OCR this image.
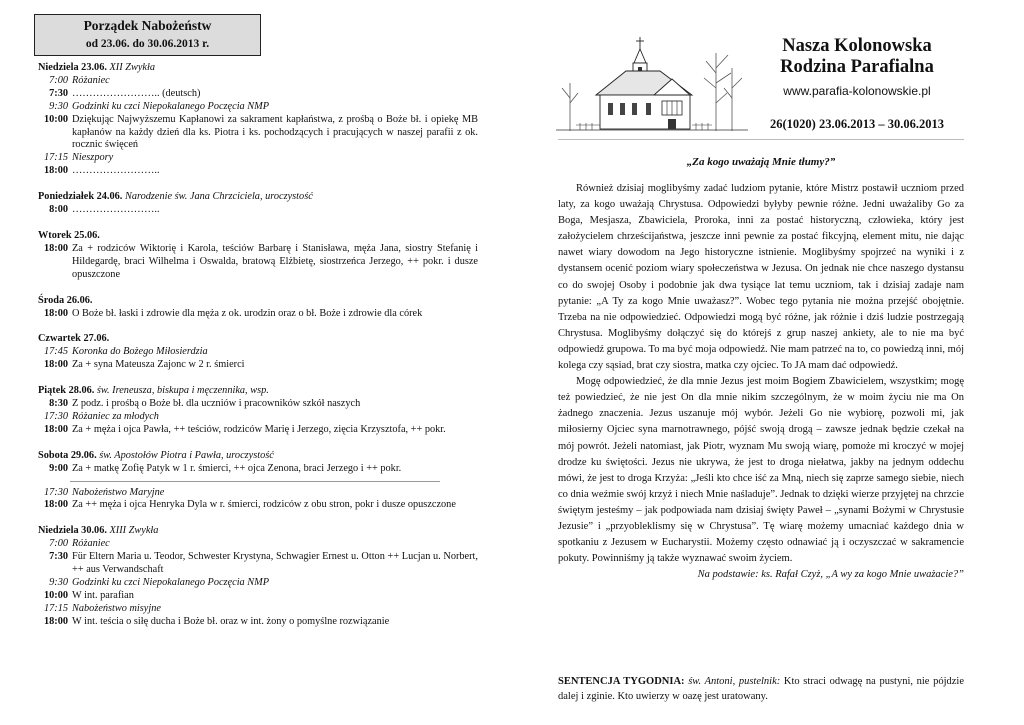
Porządek Nabożeństw
od 23.06. do 30.06.2013 r.
Niedziela 23.06. XII Zwykła
7:00 Różaniec
7:30 …………………….. (deutsch)
9:30 Godzinki ku czci Niepokalanego Poczęcia NMP
10:00 Dziękując Najwyższemu Kapłanowi za sakrament kapłaństwa, z prośbą o Boże bł. i opiekę MB kapłanów na każdy dzień dla ks. Piotra i ks. pochodzących i pracujących w naszej parafii z ok. rocznic święceń
17:15 Nieszpory
18:00 ……………………..
Poniedziałek 24.06. Narodzenie św. Jana Chrzciciela, uroczystość
8:00 ……………………..
Wtorek 25.06.
18:00 Za + rodziców Wiktorię i Karola, teściów Barbarę i Stanisława, męża Jana, siostry Stefanię i Hildegardę, braci Wilhelma i Oswalda, bratową Elżbietę, siostrzeńca Jerzego, ++ pokr. i dusze opuszczone
Środa 26.06.
18:00 O Boże bł. łaski i zdrowie dla męża z ok. urodzin oraz o bł. Boże i zdrowie dla córek
Czwartek 27.06.
17:45 Koronka do Bożego Miłosierdzia
18:00 Za + syna Mateusza Zajonc w 2 r. śmierci
Piątek 28.06. św. Ireneusza, biskupa i męczennika, wsp.
8:30 Z podz. i prośbą o Boże bł. dla uczniów i pracowników szkół naszych
17:30 Różaniec za młodych
18:00 Za + męża i ojca Pawła, ++ teściów, rodziców Marię i Jerzego, zięcia Krzysztofa, ++ pokr.
Sobota 29.06. św. Apostołów Piotra i Pawła, uroczystość
9:00 Za + matkę Zofię Patyk w 1 r. śmierci, ++ ojca Zenona, braci Jerzego i ++ pokr.
17:30 Nabożeństwo Maryjne
18:00 Za ++ męża i ojca Henryka Dyla w r. śmierci, rodziców z obu stron, pokr i dusze opuszczone
Niedziela 30.06. XIII Zwykła
7:00 Różaniec
7:30 Für Eltern Maria u. Teodor, Schwester Krystyna, Schwagier Ernest u. Otton ++ Lucjan u. Norbert, ++ aus Verwandschaft
9:30 Godzinki ku czci Niepokalanego Poczęcia NMP
10:00 W int. parafian
17:15 Nabożeństwo misyjne
18:00 W int. teścia o siłę ducha i Boże bł. oraz w int. żony o pomyślne rozwiązanie
Nasza Kolonowska
Rodzina Parafialna
www.parafia-kolonowskie.pl
26(1020) 23.06.2013 – 30.06.2013
„Za kogo uważają Mnie tłumy?”

Również dzisiaj moglibyśmy zadać ludziom pytanie, które Mistrz postawił uczniom przed laty, za kogo uważają Chrystusa. Odpowiedzi byłyby pewnie różne. Jedni uważaliby Go za Boga, Mesjasza, Zbawiciela, Proroka, inni za postać historyczną, człowieka, który jest założycielem chrześcijaństwa, jeszcze inni pewnie za postać fikcyjną, element mitu, nie dając nawet wiary dowodom na Jego historyczne istnienie. Moglibyśmy spojrzeć na wyniki i z dystansem ocenić poziom wiary społeczeństwa w Jezusa. On jednak nie chce naszego dystansu co do swojej Osoby i podobnie jak dwa tysiące lat temu uczniom, tak i dzisiaj zadaje nam pytanie: „A Ty za kogo Mnie uważasz?”. Wobec tego pytania nie można przejść obojętnie. Trzeba na nie odpowiedzieć. Odpowiedzi mogą być różne, jak różnie i dziś ludzie postrzegają Chrystusa. Moglibyśmy dołączyć się do którejś z grup naszej ankiety, ale to nie ma być odpowiedź grupowa. To ma być moja odpowiedź. Nie mam patrzeć na to, co powiedzą inni, mój kolega czy sąsiad, brat czy siostra, matka czy ojciec. To JA mam dać odpowiedź.

Mogę odpowiedzieć, że dla mnie Jezus jest moim Bogiem Zbawicielem, wszystkim; mogę też powiedzieć, że nie jest On dla mnie nikim szczególnym, że w moim życiu nie ma On żadnego znaczenia. Jezus uszanuje mój wybór. Jeżeli Go nie wybiorę, pozwoli mi, jak miłosierny Ojciec syna marnotrawnego, pójść swoją drogą – zawsze jednak będzie czekał na mój powrót. Jeżeli natomiast, jak Piotr, wyznam Mu swoją wiarę, pomoże mi kroczyć w mojej drodze ku świętości. Jezus nie ukrywa, że jest to droga niełatwa, jakby na jednym oddechu mówi, że jest to droga Krzyża: „Jeśli kto chce iść za Mną, niech się zaprze samego siebie, niech co dnia weźmie swój krzyż i niech Mnie naśladuje”. Jednak to dzięki wierze przyjętej na chrzcie świętym jesteśmy – jak podpowiada nam dzisiaj święty Paweł – „synami Bożymi w Chrystusie Jezusie” i „przyobleklismy się w Chrystusa”. Tę wiarę możemy umacniać każdego dnia w spotkaniu z Jezusem w Eucharystii. Możemy często odnawiać ją i oczyszczać w sakramencie pokuty. Powinniśmy ją także wyznawać swoim życiem.

Na podstawie: ks. Rafał Czyż, „A wy za kogo Mnie uważacie?”
SENTENCJA TYGODNIA: św. Antoni, pustelnik: Kto straci odwagę na pustyni, nie pójdzie dalej i zginie. Kto uwierzy w oazę jest uratowany.
